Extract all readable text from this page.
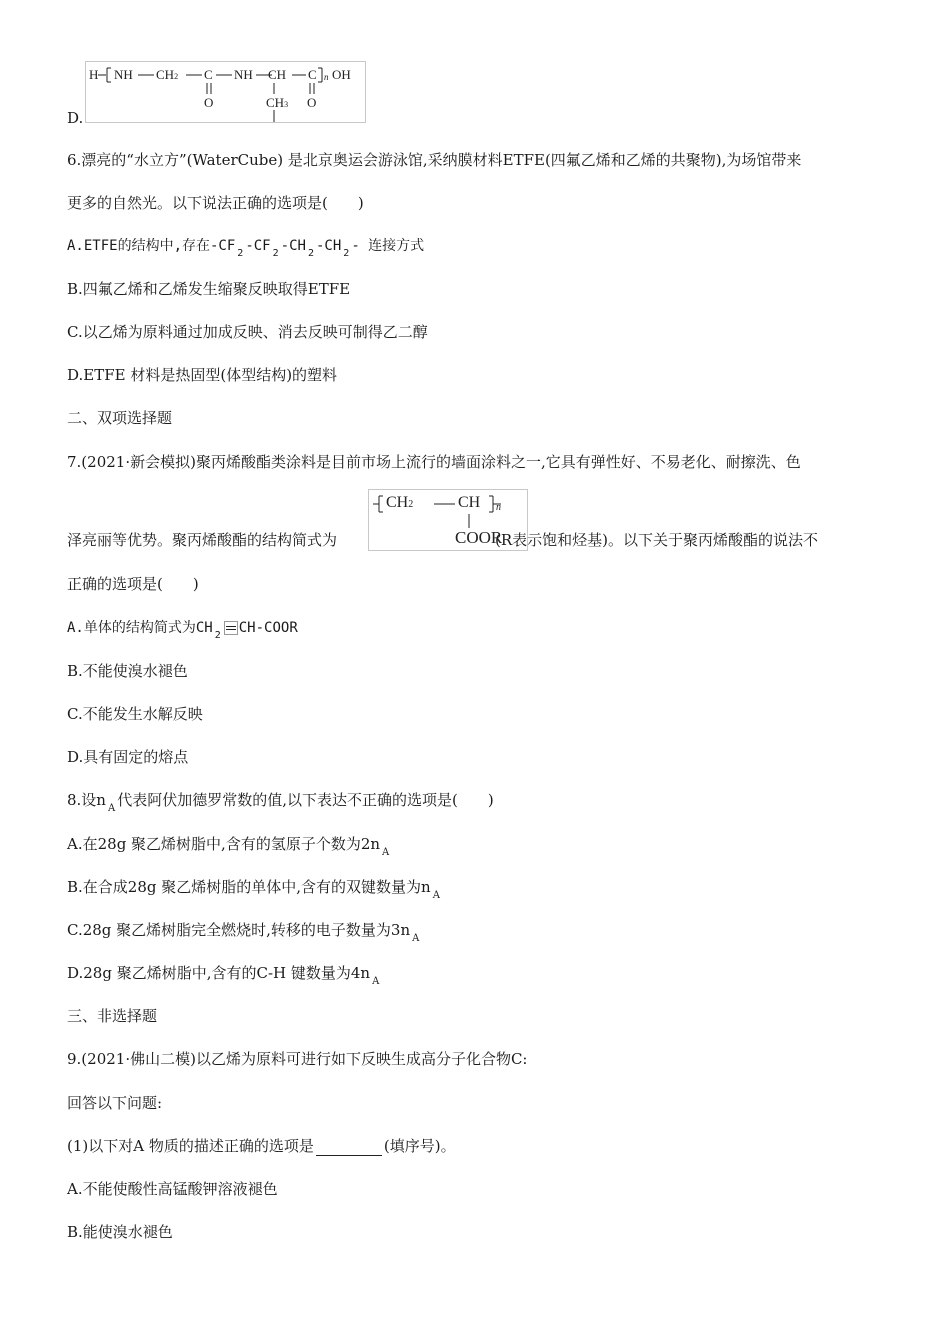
H NH CH2 C NH CH C n OH
O	CH3 O
D.
6.漂亮的“水立方”(WaterCube) 是北京奥运会游泳馆,采纳膜材料ETFE(四氟乙烯和乙烯的共聚物),为场馆带来
更多的自然光。以下说法正确的选项是(　　)
A.ETFE的结构中,存在-CF $_2$ -CF $_2$ -CH $_2$ -CH $_2$ - 连接方式
B.四氟乙烯和乙烯发生缩聚反映取得ETFE
C.以乙烯为原料通过加成反映、消去反映可制得乙二醇
D.ETFE 材料是热固型(体型结构)的塑料
二、双项选择题
7.(2021·新会模拟)聚丙烯酸酯类涂料是目前市场上流行的墙面涂料之一,它具有弹性好、不易老化、耐擦洗、色
CH2	CH n
COOR
泽亮丽等优势。聚丙烯酸酯的结构简式为	(R表示饱和烃基)。以下关于聚丙烯酸酯的说法不
正确的选项是(　　)
A.单体的结构简式为CH $_2$ CH-COOR
B.不能使溴水褪色
C.不能发生水解反映
D.具有固定的熔点
8.设n $_A$ 代表阿伏加德罗常数的值,以下表达不正确的选项是(　　)
A.在28g 聚乙烯树脂中,含有的氢原子个数为2n $_A$
B.在合成28g 聚乙烯树脂的单体中,含有的双键数量为n $_A$
C.28g 聚乙烯树脂完全燃烧时,转移的电子数量为3n $_A$
D.28g 聚乙烯树脂中,含有的C-H 键数量为4n $_A$
三、非选择题
9.(2021·佛山二模)以乙烯为原料可进行如下反映生成高分子化合物C:
回答以下问题:
(1)以下对A 物质的描述正确的选项是	(填序号)。
A.不能使酸性高锰酸钾溶液褪色
B.能使溴水褪色
